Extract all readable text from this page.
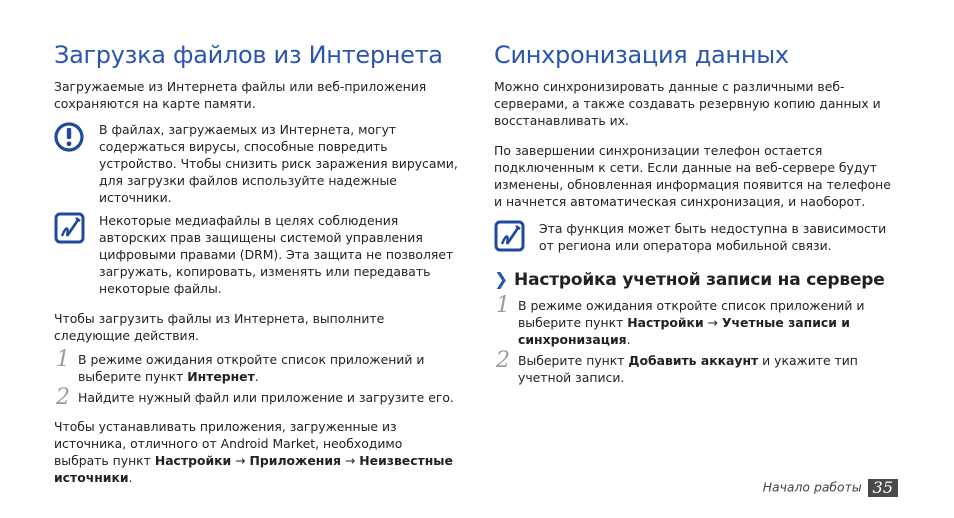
Загрузка файлов из Интернета

Загружаемые из Интернета файлы или веб-приложения сохраняются на карте памяти.

В файлах, загружаемых из Интернета, могут содержаться вирусы, способные повредить устройство. Чтобы снизить риск заражения вирусами, для загрузки файлов используйте надежные источники.

Некоторые медиафайлы в целях соблюдения авторских прав защищены системой управления цифровыми правами (DRM). Эта защита не позволяет загружать, копировать, изменять или передавать некоторые файлы.

Чтобы загрузить файлы из Интернета, выполните следующие действия.

1 В режиме ожидания откройте список приложений и выберите пункт Интернет.

2 Найдите нужный файл или приложение и загрузите его.

Чтобы устанавливать приложения, загруженные из источника, отличного от Android Market, необходимо выбрать пункт Настройки → Приложения → Неизвестные источники.

Синхронизация данных

Можно синхронизировать данные с различными веб-серверами, а также создавать резервную копию данных и восстанавливать их.

По завершении синхронизации телефон остается подключенным к сети. Если данные на веб-сервере будут изменены, обновленная информация появится на телефоне и начнется автоматическая синхронизация, и наоборот.

Эта функция может быть недоступна в зависимости от региона или оператора мобильной связи.

❯ Настройка учетной записи на сервере
1 В режиме ожидания откройте список приложений и выберите пункт Настройки → Учетные записи и синхронизация.

2 Выберите пункт Добавить аккаунт и укажите тип учетной записи.

Начало работы 35
